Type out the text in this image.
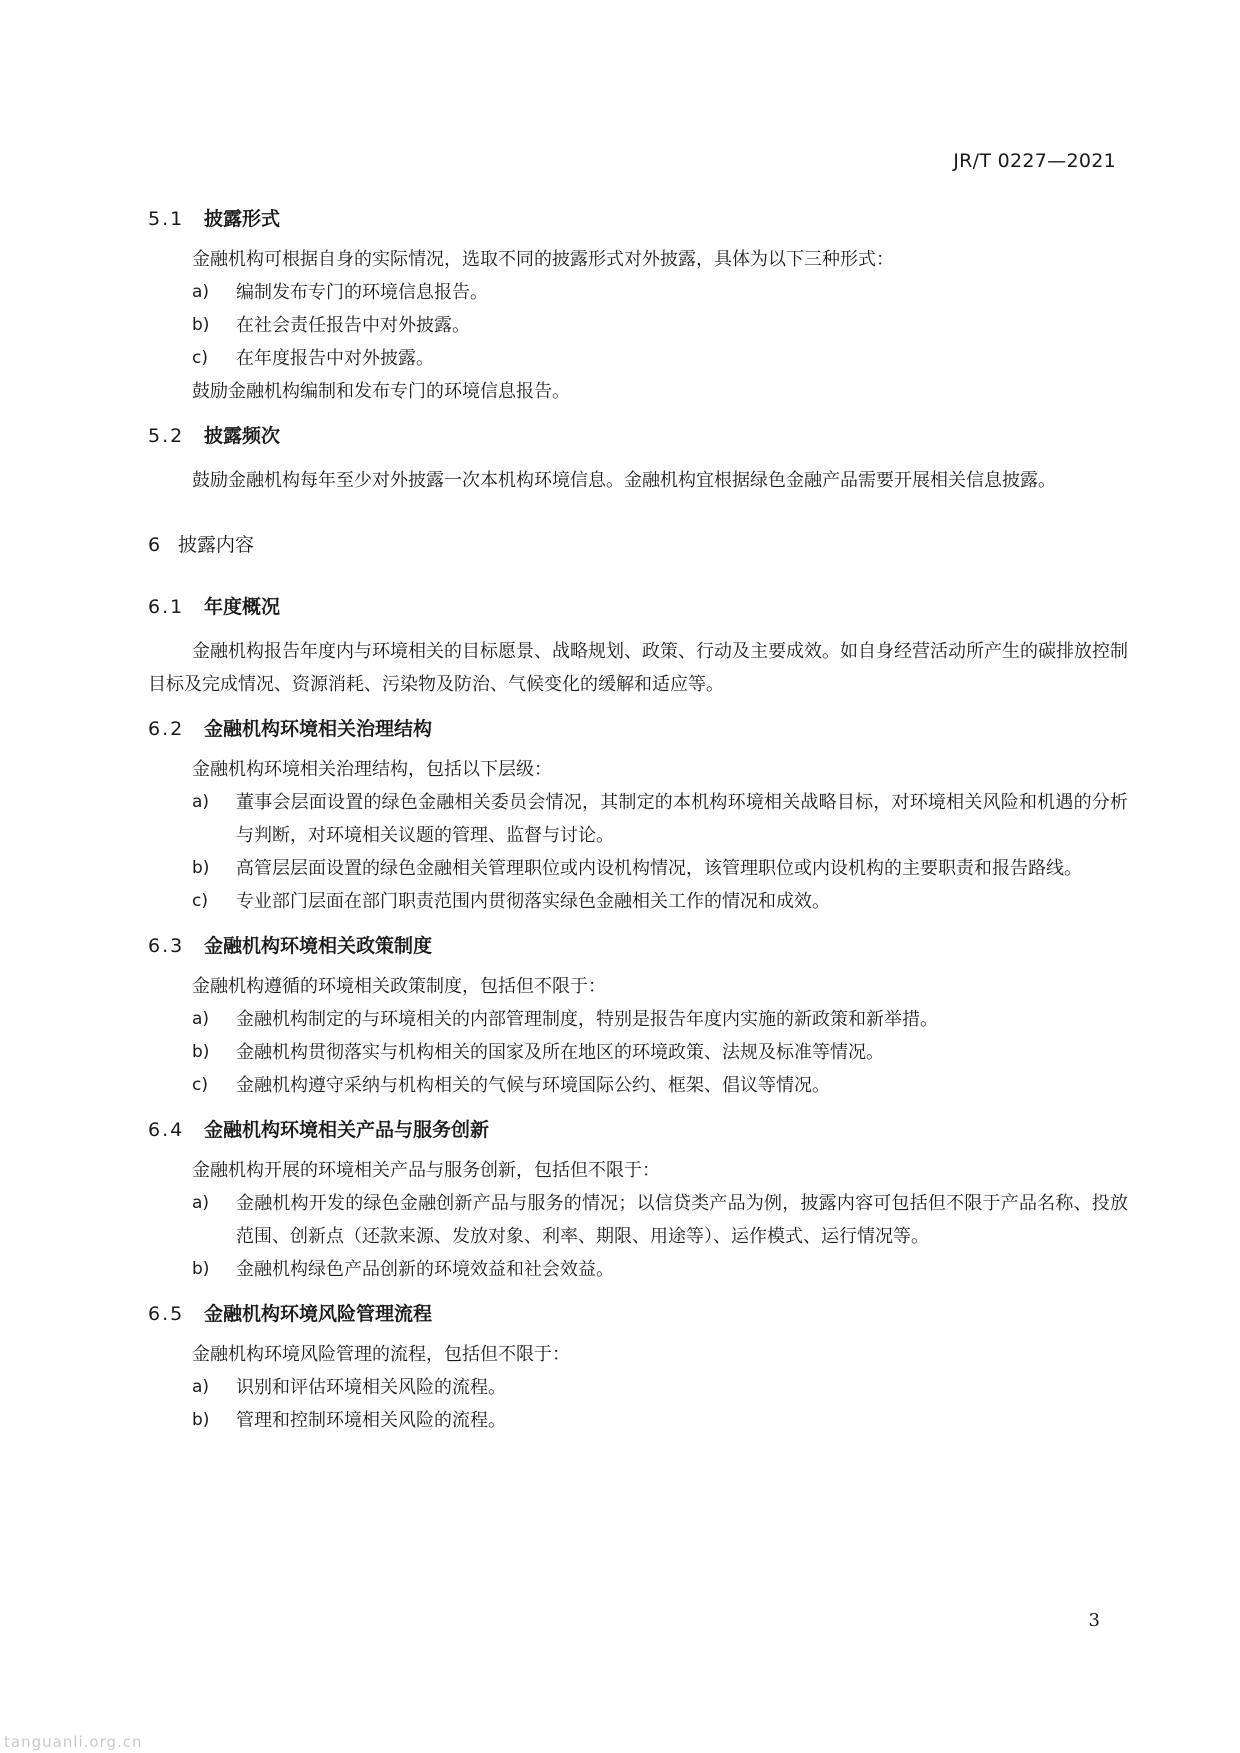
JR/T 0227—2021
5.1	披露形式

金融机构可根据自身的实际情况，选取不同的披露形式对外披露，具体为以下三种形式：

a)	编制发布专门的环境信息报告。
b)	在社会责任报告中对外披露。
c)	在年度报告中对外披露。

鼓励金融机构编制和发布专门的环境信息报告。

5.2	披露频次

鼓励金融机构每年至少对外披露一次本机构环境信息。金融机构宜根据绿色金融产品需要开展相关信息披露。

6 披露内容
6.1	年度概况

金融机构报告年度内与环境相关的目标愿景、战略规划、政策、行动及主要成效。如自身经营活动所产生的碳排放控制目标及完成情况、资源消耗、污染物及防治、气候变化的缓解和适应等。

6.2	金融机构环境相关治理结构

金融机构环境相关治理结构，包括以下层级：

a)	董事会层面设置的绿色金融相关委员会情况，其制定的本机构环境相关战略目标，对环境相关风险和机遇的分析与判断，对环境相关议题的管理、监督与讨论。
b)	高管层层面设置的绿色金融相关管理职位或内设机构情况，该管理职位或内设机构的主要职责和报告路线。
c)	专业部门层面在部门职责范围内贯彻落实绿色金融相关工作的情况和成效。
6.3	金融机构环境相关政策制度

金融机构遵循的环境相关政策制度，包括但不限于：

a)	金融机构制定的与环境相关的内部管理制度，特别是报告年度内实施的新政策和新举措。
b)	金融机构贯彻落实与机构相关的国家及所在地区的环境政策、法规及标准等情况。
c)	金融机构遵守采纳与机构相关的气候与环境国际公约、框架、倡议等情况。
6.4	金融机构环境相关产品与服务创新

金融机构开展的环境相关产品与服务创新，包括但不限于：

a)	金融机构开发的绿色金融创新产品与服务的情况；以信贷类产品为例，披露内容可包括但不限于产品名称、投放范围、创新点（还款来源、发放对象、利率、期限、用途等）、运作模式、运行情况等。
b)	金融机构绿色产品创新的环境效益和社会效益。
6.5	金融机构环境风险管理流程

金融机构环境风险管理的流程，包括但不限于：

a)	识别和评估环境相关风险的流程。
b)	管理和控制环境相关风险的流程。
3
tanguanli.org.cn
